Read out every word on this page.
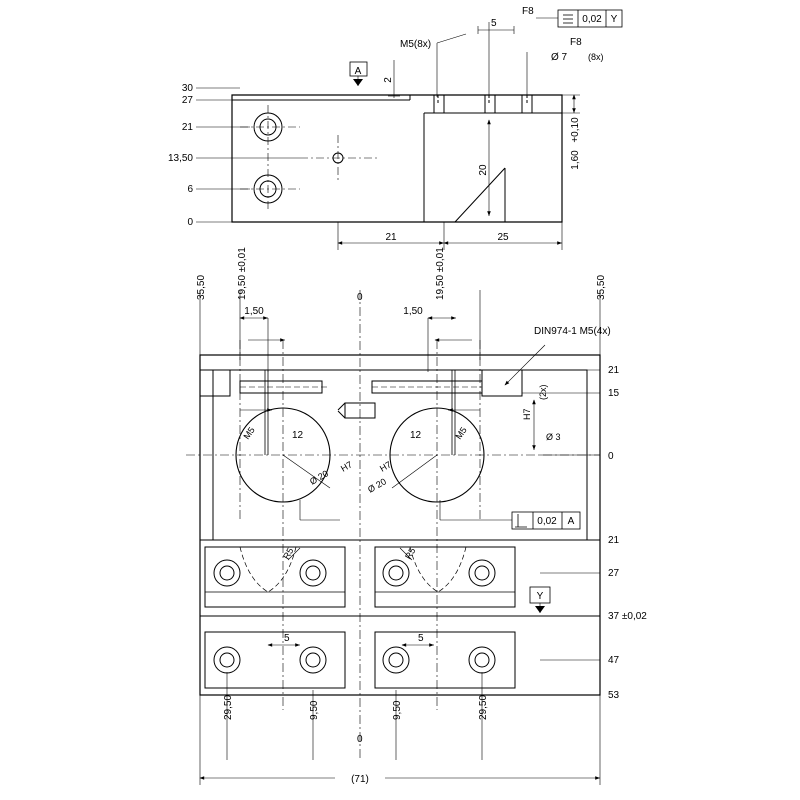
30
27
21
13,50
6
0
21	25
20
2
+0,10
1,60
A
M5(8x)
F8
5
F8
Ø 7 (8x)
0,02 Y
35,50	19,50 ±0,01	0	19,50 ±0,01	35,50
1,50	1,50
21
15
0
21
27
37 ±0,02
47
53
29,50	9,50
0
9,50	29,50
(71)
DIN974-1 M5(4x)
M5	M5
12	12
Ø 20	Ø 20
H7	H7
Ø 3
H7
(2x)
R5	R5
5	5
Y
0,02 A
